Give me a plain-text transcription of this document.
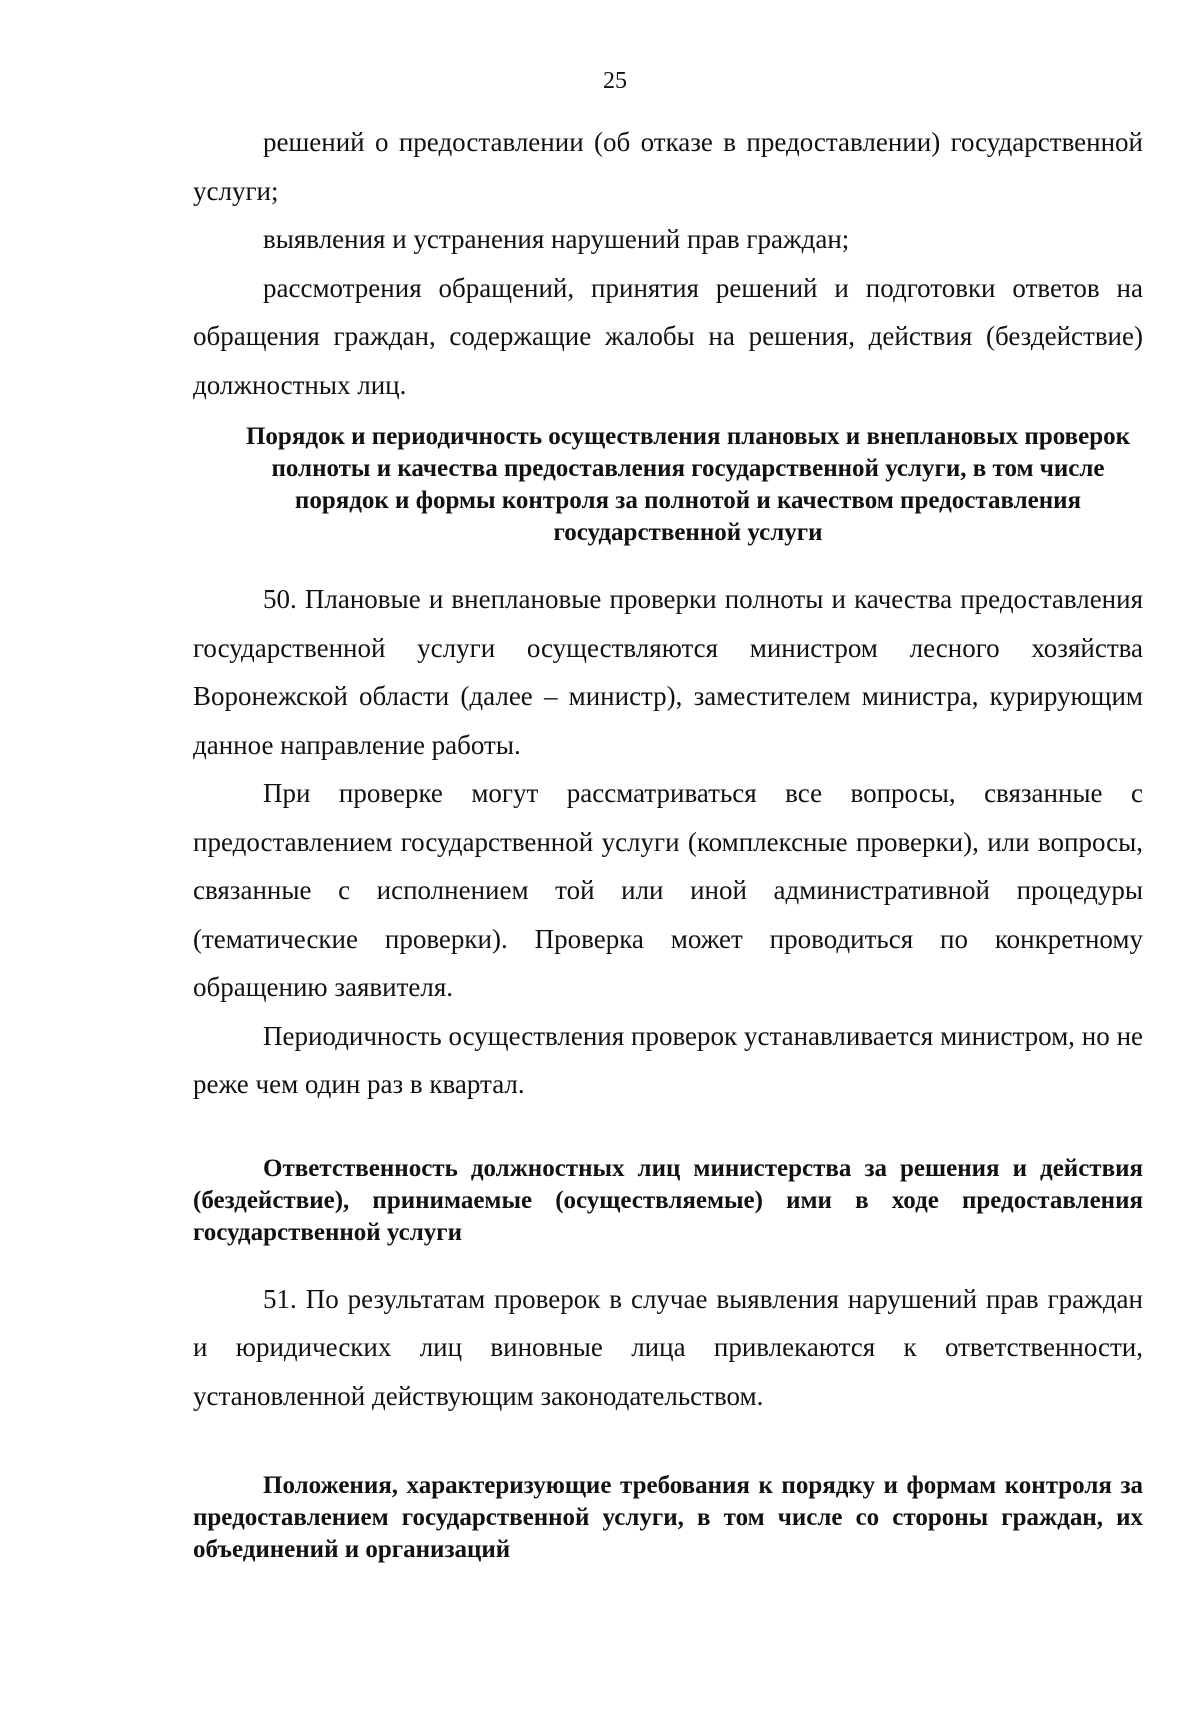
25

решений о предоставлении (об отказе в предоставлении) государственной услуги;

выявления и устранения нарушений прав граждан;

рассмотрения обращений, принятия решений и подготовки ответов на обращения граждан, содержащие жалобы на решения, действия (бездействие) должностных лиц.

Порядок и периодичность осуществления плановых и внеплановых проверок полноты и качества предоставления государственной услуги, в том числе порядок и формы контроля за полнотой и качеством предоставления государственной услуги

50. Плановые и внеплановые проверки полноты и качества предоставления государственной услуги осуществляются министром лесного хозяйства Воронежской области (далее – министр), заместителем министра, курирующим данное направление работы.

При проверке могут рассматриваться все вопросы, связанные с предоставлением государственной услуги (комплексные проверки), или вопросы, связанные с исполнением той или иной административной процедуры (тематические проверки). Проверка может проводиться по конкретному обращению заявителя.

Периодичность осуществления проверок устанавливается министром, но не реже чем один раз в квартал.

Ответственность должностных лиц министерства за решения и действия (бездействие), принимаемые (осуществляемые) ими в ходе предоставления государственной услуги

51. По результатам проверок в случае выявления нарушений прав граждан и юридических лиц виновные лица привлекаются к ответственности, установленной действующим законодательством.

Положения, характеризующие требования к порядку и формам контроля за предоставлением государственной услуги, в том числе со стороны граждан, их объединений и организаций
